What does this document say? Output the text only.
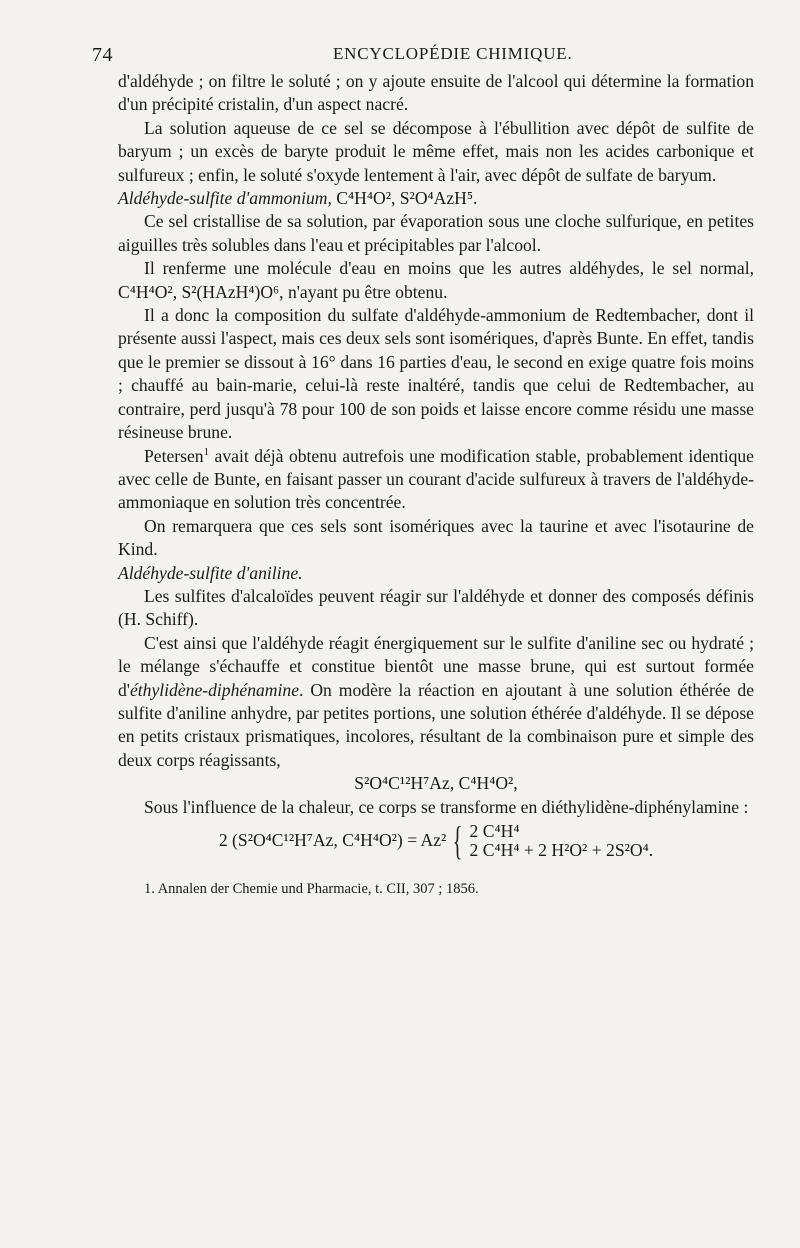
74	ENCYCLOPÉDIE CHIMIQUE.

d'aldéhyde ; on filtre le soluté ; on y ajoute ensuite de l'alcool qui détermine la formation d'un précipité cristalin, d'un aspect nacré.

La solution aqueuse de ce sel se décompose à l'ébullition avec dépôt de sulfite de baryum ; un excès de baryte produit le même effet, mais non les acides carbonique et sulfureux ; enfin, le soluté s'oxyde lentement à l'air, avec dépôt de sulfate de baryum.

Aldéhyde-sulfite d'ammonium, C⁴H⁴O², S²O⁴AzH⁵.

Ce sel cristallise de sa solution, par évaporation sous une cloche sulfurique, en petites aiguilles très solubles dans l'eau et précipitables par l'alcool.

Il renferme une molécule d'eau en moins que les autres aldéhydes, le sel normal, C⁴H⁴O², S²(HAzH⁴)O⁶, n'ayant pu être obtenu.

Il a donc la composition du sulfate d'aldéhyde-ammonium de Redtembacher, dont il présente aussi l'aspect, mais ces deux sels sont isomériques, d'après Bunte. En effet, tandis que le premier se dissout à 16° dans 16 parties d'eau, le second en exige quatre fois moins ; chauffé au bain-marie, celui-là reste inaltéré, tandis que celui de Redtembacher, au contraire, perd jusqu'à 78 pour 100 de son poids et laisse encore comme résidu une masse résineuse brune.

Petersen$^1$ avait déjà obtenu autrefois une modification stable, probablement identique avec celle de Bunte, en faisant passer un courant d'acide sulfureux à travers de l'aldéhyde-ammoniaque en solution très concentrée.

On remarquera que ces sels sont isomériques avec la taurine et avec l'isotaurine de Kind.

Aldéhyde-sulfite d'aniline.

Les sulfites d'alcaloïdes peuvent réagir sur l'aldéhyde et donner des composés définis (H. Schiff).

C'est ainsi que l'aldéhyde réagit énergiquement sur le sulfite d'aniline sec ou hydraté ; le mélange s'échauffe et constitue bientôt une masse brune, qui est surtout formée d'éthylidène-diphénamine. On modère la réaction en ajoutant à une solution éthérée de sulfite d'aniline anhydre, par petites portions, une solution éthérée d'aldéhyde. Il se dépose en petits cristaux prismatiques, incolores, résultant de la combinaison pure et simple des deux corps réagissants,

S²O⁴C¹²H⁷Az, C⁴H⁴O²,

Sous l'influence de la chaleur, ce corps se transforme en diéthylidène-diphénylamine :

2 (S²O⁴C¹²H⁷Az, C⁴H⁴O²) = Az² { 2 C⁴H⁴
2 C⁴H⁴ + 2 H²O² + 2S²O⁴.

1. Annalen der Chemie und Pharmacie, t. CII, 307 ; 1856.
